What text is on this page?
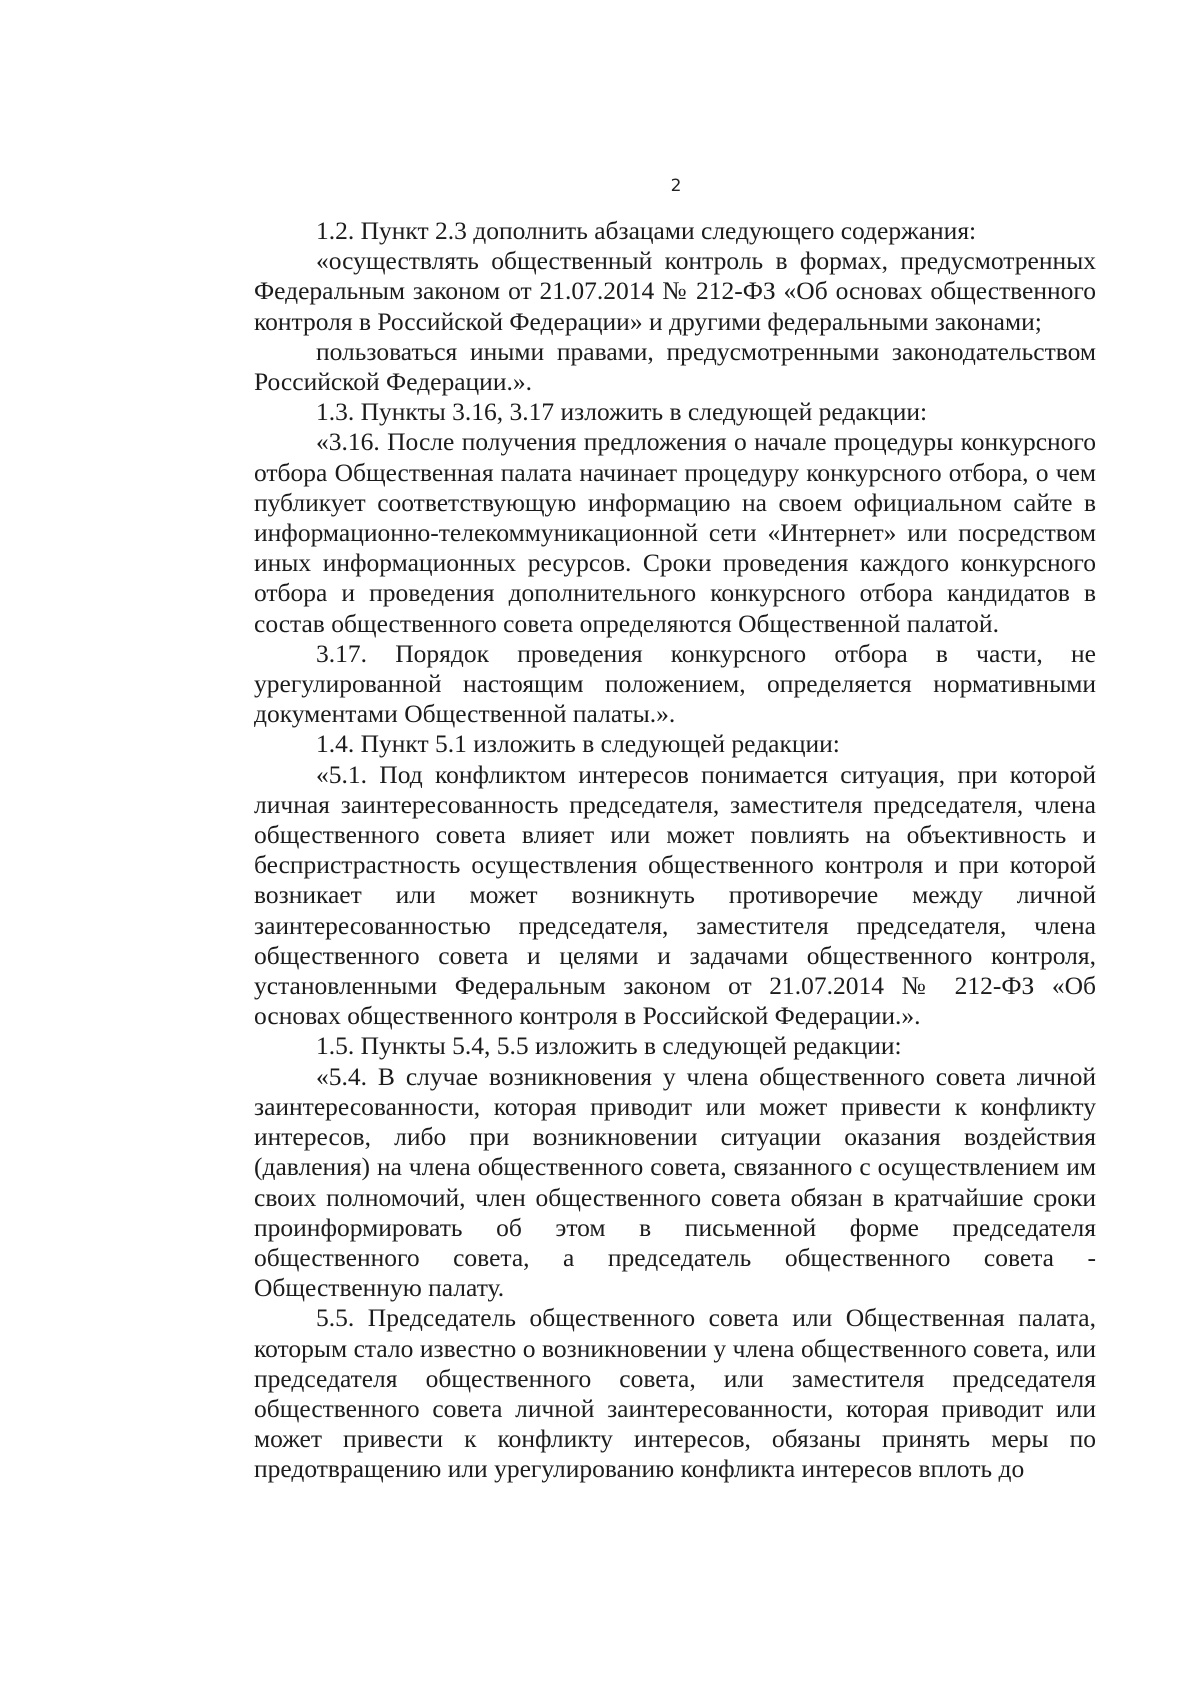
2

1.2. Пункт 2.3 дополнить абзацами следующего содержания:

«осуществлять общественный контроль в формах, предусмотренных Федеральным законом от 21.07.2014 № 212-ФЗ «Об основах общественного контроля в Российской Федерации» и другими федеральными законами;

пользоваться иными правами, предусмотренными законодательством Российской Федерации.».

1.3. Пункты 3.16, 3.17 изложить в следующей редакции:

«3.16. После получения предложения о начале процедуры конкурсного отбора Общественная палата начинает процедуру конкурсного отбора, о чем публикует соответствующую информацию на своем официальном сайте в информационно-телекоммуникационной сети «Интернет» или посредством иных информационных ресурсов. Сроки проведения каждого конкурсного отбора и проведения дополнительного конкурсного отбора кандидатов в состав общественного совета определяются Общественной палатой.

3.17. Порядок проведения конкурсного отбора в части, не урегулированной настоящим положением, определяется нормативными документами Общественной палаты.».

1.4. Пункт 5.1 изложить в следующей редакции:

«5.1. Под конфликтом интересов понимается ситуация, при которой личная заинтересованность председателя, заместителя председателя, члена общественного совета влияет или может повлиять на объективность и беспристрастность осуществления общественного контроля и при которой возникает или может возникнуть противоречие между личной заинтересованностью председателя, заместителя председателя, члена общественного совета и целями и задачами общественного контроля, установленными Федеральным законом от 21.07.2014 № 212-ФЗ «Об основах общественного контроля в Российской Федерации.».

1.5. Пункты 5.4, 5.5 изложить в следующей редакции:

«5.4. В случае возникновения у члена общественного совета личной заинтересованности, которая приводит или может привести к конфликту интересов, либо при возникновении ситуации оказания воздействия (давления) на члена общественного совета, связанного с осуществлением им своих полномочий, член общественного совета обязан в кратчайшие сроки проинформировать об этом в письменной форме председателя общественного совета, а председатель общественного совета - Общественную палату.

5.5. Председатель общественного совета или Общественная палата, которым стало известно о возникновении у члена общественного совета, или председателя общественного совета, или заместителя председателя общественного совета личной заинтересованности, которая приводит или может привести к конфликту интересов, обязаны принять меры по предотвращению или урегулированию конфликта интересов вплоть до
